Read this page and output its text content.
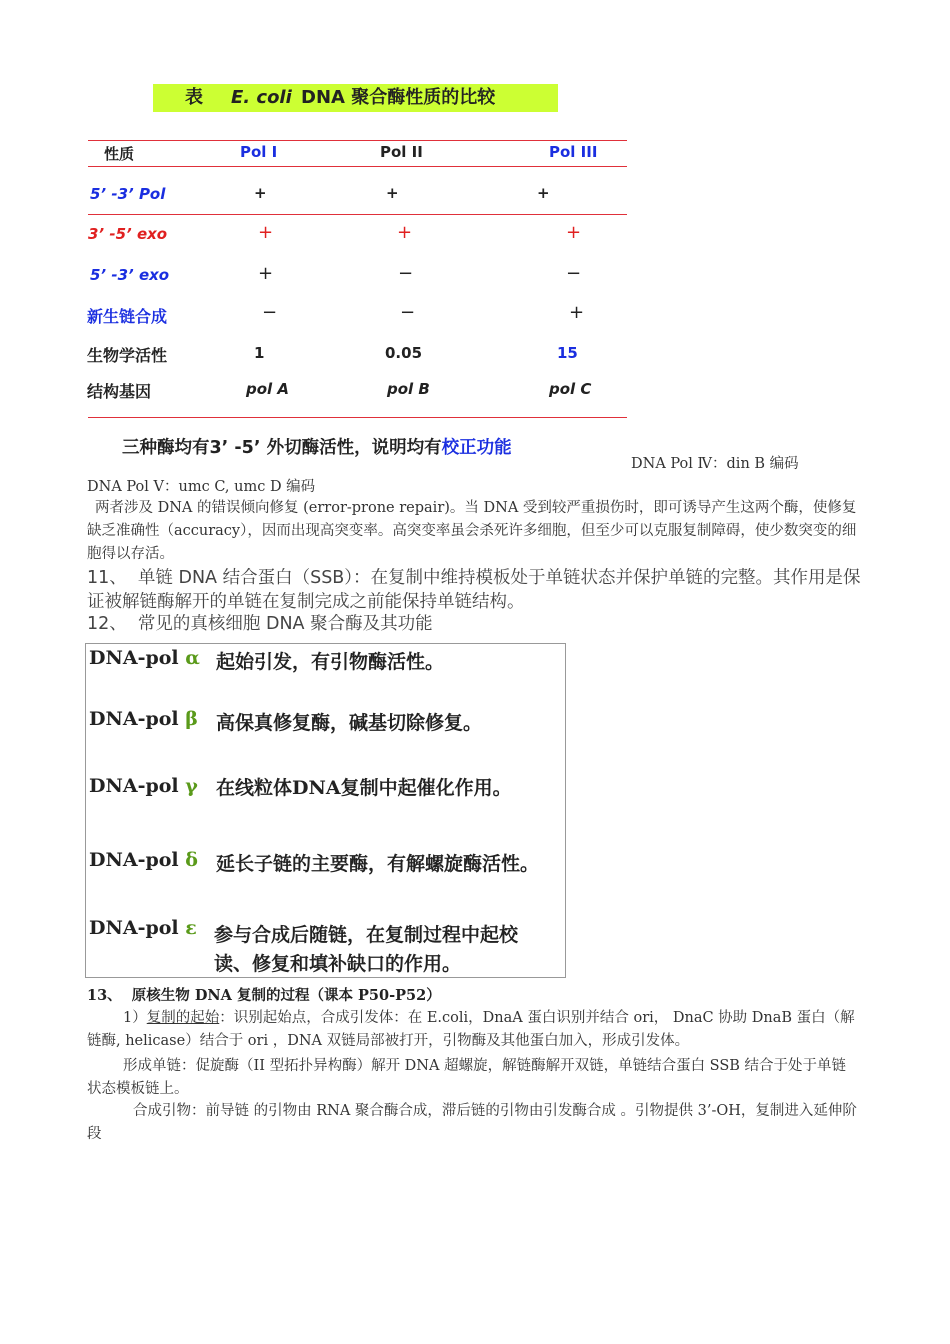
表 E. coli DNA 聚合酶性质的比较
性质	Pol I	Pol II	Pol III
5’ -3’ Pol	+	+	+
3’ -5’ exo	+	+	+
5’ -3’ exo	+	−	−
新生链合成	−	−	+
生物学活性	1	0.05	15
结构基因	pol A	pol B	pol C
三种酶均有3’ -5’ 外切酶活性，说明均有校正功能
DNA Pol Ⅳ：din B 编码
DNA Pol Ⅴ：umc C, umc D 编码
两者涉及 DNA 的错误倾向修复 (error-prone repair)。当 DNA 受到较严重损伤时，即可诱导产生这两个酶，使修复缺乏准确性（accuracy），因而出现高突变率。高突变率虽会杀死许多细胞，但至少可以克服复制障碍，使少数突变的细胞得以存活。
11、 单链 DNA 结合蛋白（SSB）：在复制中维持模板处于单链状态并保护单链的完整。其作用是保证被解链酶解开的单链在复制完成之前能保持单链结构。
12、 常见的真核细胞 DNA 聚合酶及其功能
DNA-pol α 起始引发，有引物酶活性。
DNA-pol β 高保真修复酶，碱基切除修复。
DNA-pol γ 在线粒体DNA复制中起催化作用。
DNA-pol δ 延长子链的主要酶，有解螺旋酶活性。
DNA-pol ε 参与合成后随链，在复制过程中起校
读、修复和填补缺口的作用。
13、 原核生物 DNA 复制的过程（课本 P50-P52）
1）复制的起始：识别起始点，合成引发体：在 E.coli，DnaA 蛋白识别并结合 ori， DnaC 协助 DnaB 蛋白（解链酶, helicase）结合于 ori ，DNA 双链局部被打开，引物酶及其他蛋白加入，形成引发体。
形成单链：促旋酶（II 型拓扑异构酶）解开 DNA 超螺旋，解链酶解开双链，单链结合蛋白 SSB 结合于处于单链状态模板链上。
合成引物：前导链 的引物由 RNA 聚合酶合成，滞后链的引物由引发酶合成 。引物提供 3’-OH，复制进入延伸阶段
